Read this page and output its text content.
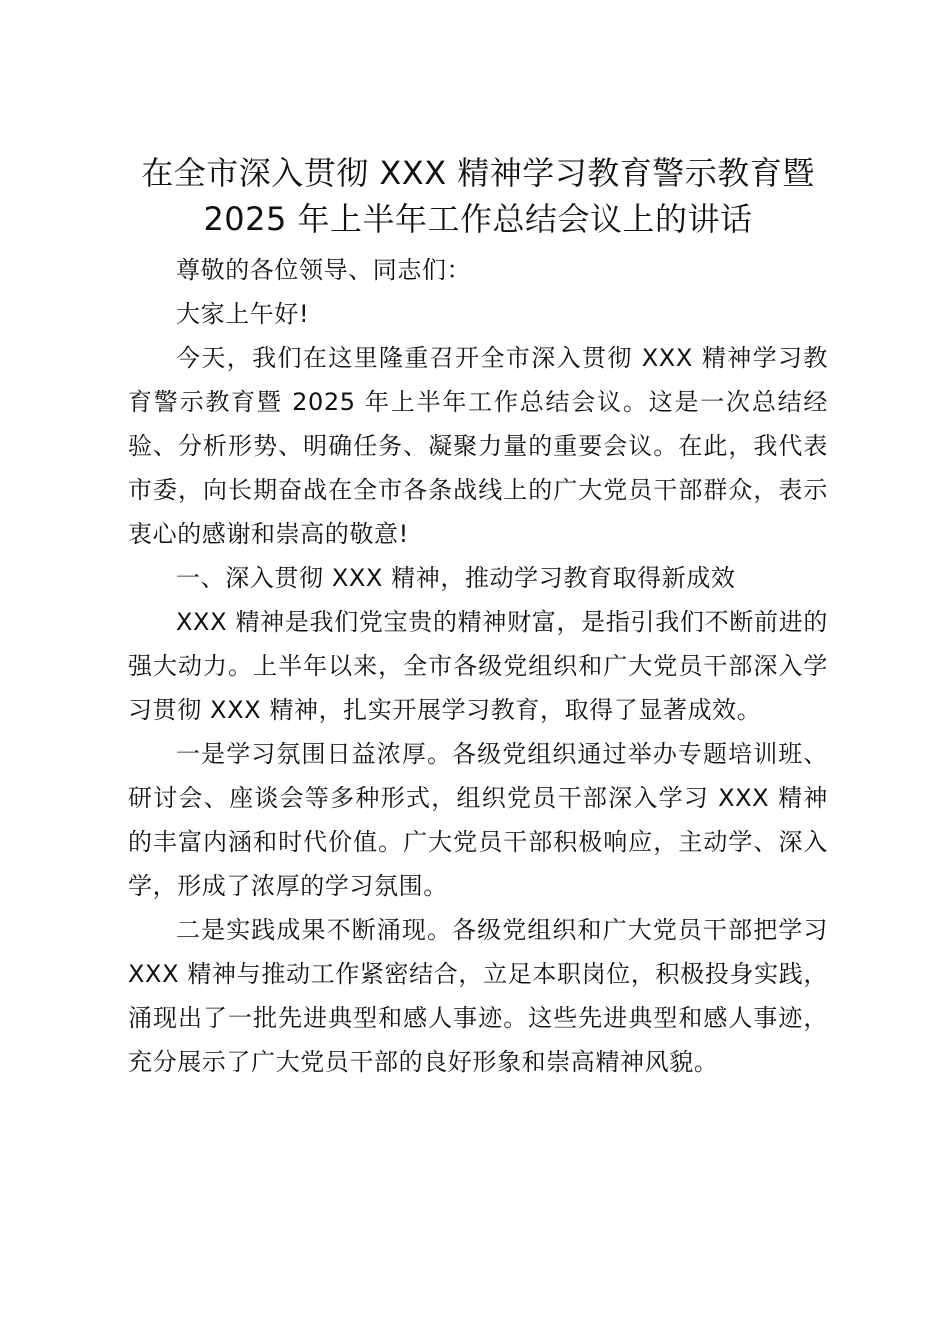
在全市深入贯彻 XXX 精神学习教育警示教育暨
2025 年上半年工作总结会议上的讲话

尊敬的各位领导、同志们：

大家上午好!

今天，我们在这里隆重召开全市深入贯彻 XXX 精神学习教育警示教育暨 2025 年上半年工作总结会议。这是一次总结经验、分析形势、明确任务、凝聚力量的重要会议。在此，我代表市委，向长期奋战在全市各条战线上的广大党员干部群众，表示衷心的感谢和崇高的敬意!

一、深入贯彻 XXX 精神，推动学习教育取得新成效

XXX 精神是我们党宝贵的精神财富，是指引我们不断前进的强大动力。上半年以来，全市各级党组织和广大党员干部深入学习贯彻 XXX 精神，扎实开展学习教育，取得了显著成效。

一是学习氛围日益浓厚。各级党组织通过举办专题培训班、研讨会、座谈会等多种形式，组织党员干部深入学习 XXX 精神的丰富内涵和时代价值。广大党员干部积极响应，主动学、深入学，形成了浓厚的学习氛围。

二是实践成果不断涌现。各级党组织和广大党员干部把学习 XXX 精神与推动工作紧密结合，立足本职岗位，积极投身实践，涌现出了一批先进典型和感人事迹。这些先进典型和感人事迹，充分展示了广大党员干部的良好形象和崇高精神风貌。
